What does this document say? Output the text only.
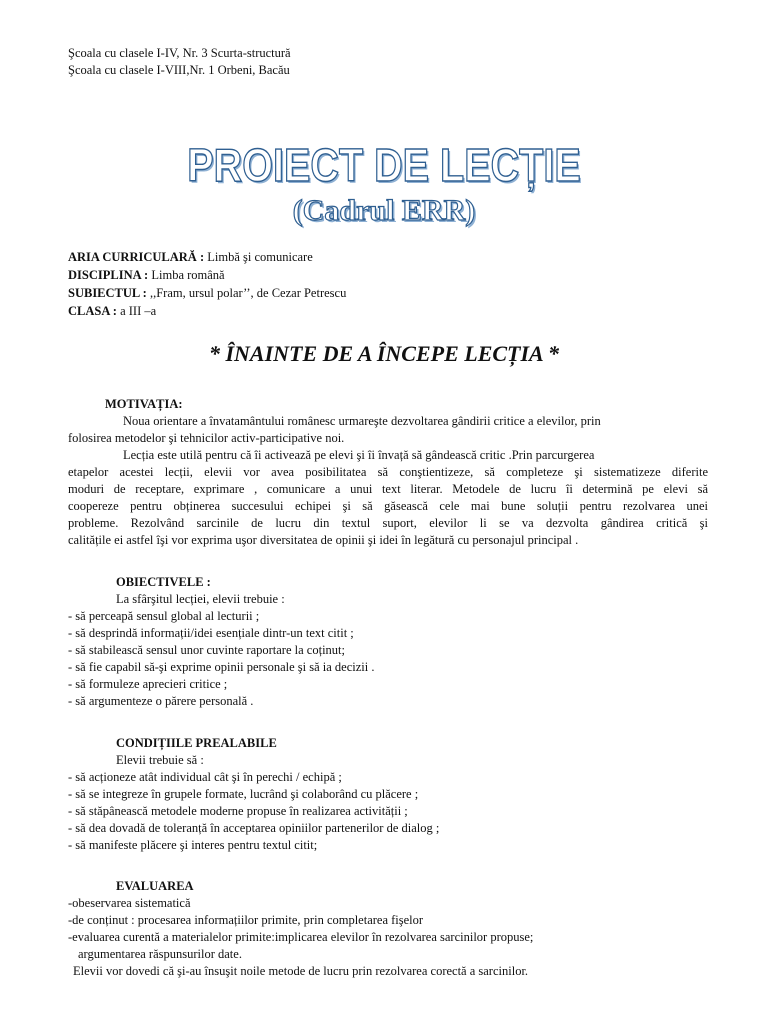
Şcoala cu clasele I-IV, Nr. 3 Scurta-structură
Şcoala cu clasele I-VIII,Nr. 1 Orbeni, Bacău
PROIECT DE LECȚIE
(Cadrul ERR)
ARIA CURRICULARĂ : Limbă şi comunicare
DISCIPLINA : Limba română
SUBIECTUL : ,,Fram, ursul polar’’, de Cezar Petrescu
CLASA : a III –a
* ÎNAINTE DE A ÎNCEPE LECȚIA *
MOTIVAȚIA:
Noua orientare a învatamântului românesc urmareşte dezvoltarea gândirii critice a elevilor, prin
folosirea metodelor şi tehnicilor activ-participative noi.
Lecția este utilă pentru că îi activează pe elevi şi îi învață să gândească critic .Prin parcurgerea
etapelor acestei lecții, elevii vor avea posibilitatea să conştientizeze, să completeze şi sistematizeze diferite
moduri de receptare, exprimare , comunicare a unui text literar. Metodele de lucru îi determină pe elevi să
coopereze pentru obținerea succesului echipei şi să găsească cele mai bune soluții pentru rezolvarea unei
probleme. Rezolvând sarcinile de lucru din textul suport, elevilor li se va dezvolta gândirea critică şi
calitățile ei astfel îşi vor exprima uşor diversitatea de opinii şi idei în legătură cu personajul principal .
OBIECTIVELE :
La sfârşitul lecției, elevii trebuie :
- să perceapă sensul global al lecturii ;
- să desprindă informații/idei esențiale dintr-un text citit ;
- să stabilească sensul unor cuvinte raportare la coținut;
- să fie capabil să-şi exprime opinii personale şi să ia decizii .
- să formuleze aprecieri critice ;
- să argumenteze o părere personală .
CONDIȚIILE PREALABILE
Elevii trebuie să :
- să acționeze atât individual cât şi în perechi / echipă ;
- să se integreze în grupele formate, lucrând şi colaborând cu plăcere ;
- să stăpânească metodele moderne propuse în realizarea activității ;
- să dea dovadă de toleranță în acceptarea opiniilor partenerilor de dialog ;
- să manifeste plăcere şi interes pentru textul citit;
EVALUAREA
-obeservarea sistematică
-de conținut : procesarea informațiilor primite, prin completarea fişelor
-evaluarea curentă a materialelor primite:implicarea elevilor în rezolvarea sarcinilor propuse;
argumentarea răspunsurilor date.
Elevii vor dovedi că şi-au însuşit noile metode de lucru prin rezolvarea corectă a sarcinilor.
